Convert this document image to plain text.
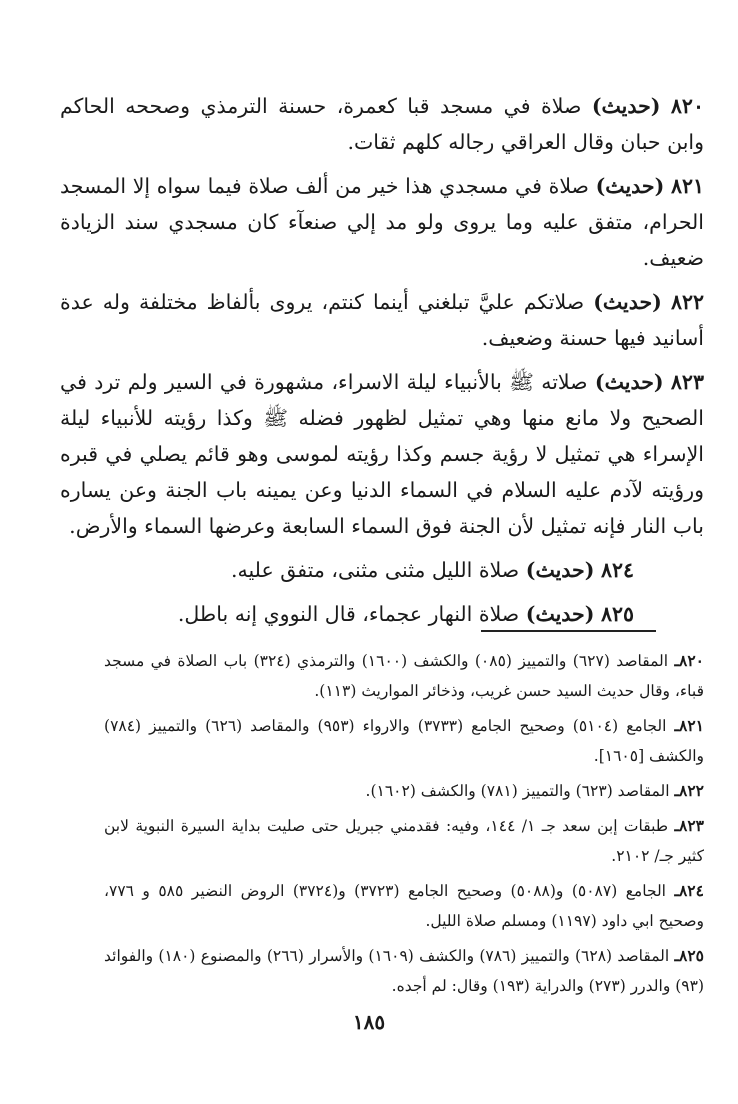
٨٢٠ (حديث) صلاة في مسجد قبا كعمرة، حسنة الترمذي وصححه الحاكم وابن حبان وقال العراقي رجاله كلهم ثقات.

٨٢١ (حديث) صلاة في مسجدي هذا خير من ألف صلاة فيما سواه إلا المسجد الحرام، متفق عليه وما يروى ولو مد إلي صنعآء كان مسجدي سند الزيادة ضعيف.

٨٢٢ (حديث) صلاتكم عليَّ تبلغني أينما كنتم، يروى بألفاظ مختلفة وله عدة أسانيد فيها حسنة وضعيف.

٨٢٣ (حديث) صلاته ﷺ بالأنبياء ليلة الاسراء، مشهورة في السير ولم ترد في الصحيح ولا مانع منها وهي تمثيل لظهور فضله ﷺ وكذا رؤيته للأنبياء ليلة الإسراء هي تمثيل لا رؤية جسم وكذا رؤيته لموسى وهو قائم يصلي في قبره ورؤيته لآدم عليه السلام في السماء الدنيا وعن يمينه باب الجنة وعن يساره باب النار فإنه تمثيل لأن الجنة فوق السماء السابعة وعرضها السماء والأرض.

٨٢٤ (حديث) صلاة الليل مثنى مثنى، متفق عليه.

٨٢٥ (حديث) صلاة النهار عجماء، قال النووي إنه باطل.

٨٢٠ـ المقاصد (٦٢٧) والتمييز (٠٨٥) والكشف (١٦٠٠) والترمذي (٣٢٤) باب الصلاة في مسجد قباء، وقال حديث السيد حسن غريب، وذخائر المواريث (١١٣).

٨٢١ـ الجامع (٥١٠٤) وصحيح الجامع (٣٧٣٣) والارواء (٩٥٣) والمقاصد (٦٢٦) والتمييز (٧٨٤) والكشف [١٦٠٥].

٨٢٢ـ المقاصد (٦٢٣) والتمييز (٧٨١) والكشف (١٦٠٢).

٨٢٣ـ طبقات إبن سعد جـ ١/ ١٤٤، وفيه: فقدمني جبريل حتى صليت بداية السيرة النبوية لابن كثير جـ/ ٢١٠٢.

٨٢٤ـ الجامع (٥٠٨٧) و(٥٠٨٨) وصحيح الجامع (٣٧٢٣) و(٣٧٢٤) الروض النضير ٥٨٥ و ٧٧٦، وصحيح ابي داود (١١٩٧) ومسلم صلاة الليل.

٨٢٥ـ المقاصد (٦٢٨) والتمييز (٧٨٦) والكشف (١٦٠٩) والأسرار (٢٦٦) والمصنوع (١٨٠) والفوائد (٩٣) والدرر (٢٧٣) والدراية (١٩٣) وقال: لم أجده.

١٨٥
